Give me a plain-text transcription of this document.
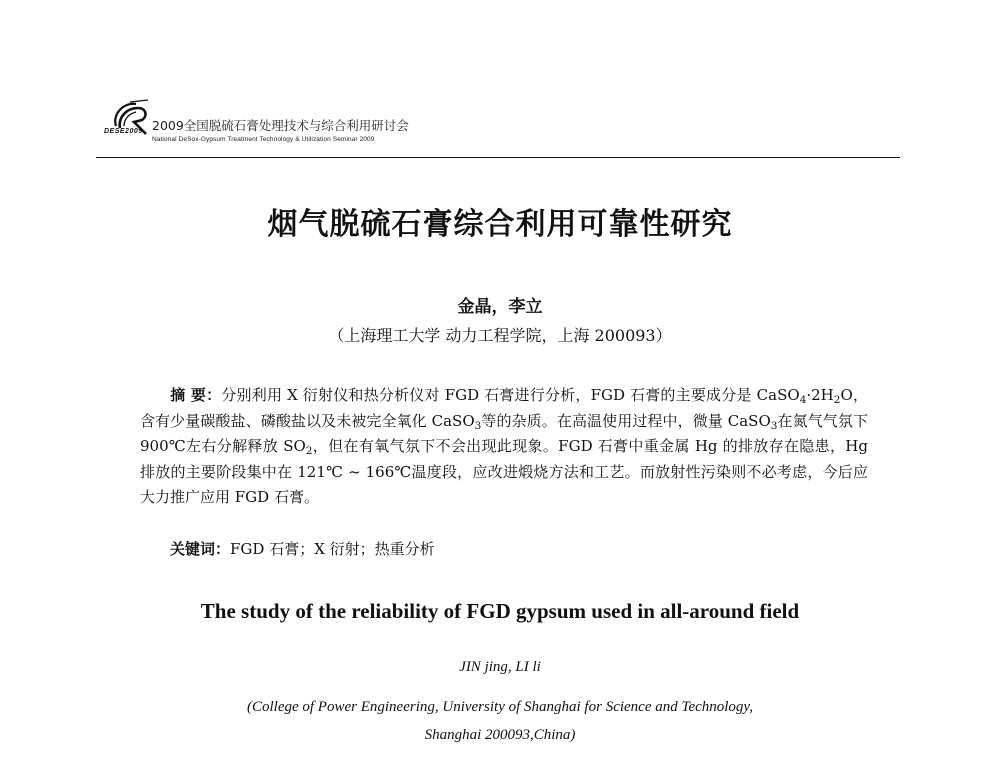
DESE2009 2009全国脱硫石膏处理技术与综合利用研讨会
National DeSox-Gypsum Treatment Technology & Utilization Seminar 2009
烟气脱硫石膏综合利用可靠性研究
金晶，李立
（上海理工大学 动力工程学院，上海 200093）
摘 要：分别利用 X 衍射仪和热分析仪对 FGD 石膏进行分析，FGD 石膏的主要成分是 $CaSO_4\cdot 2H_2O$，含有少量碳酸盐、磷酸盐以及未被完全氧化 CaSO$_3$等的杂质。在高温使用过程中，微量 CaSO$_3$在氮气气氛下 900℃左右分解释放 $SO_2$，但在有氧气氛下不会出现此现象。FGD 石膏中重金属 Hg 的排放存在隐患，Hg 排放的主要阶段集中在 121℃ ~ 166℃温度段，应改进煅烧方法和工艺。而放射性污染则不必考虑，今后应大力推广应用 FGD 石膏。
关键词：FGD 石膏；X 衍射；热重分析
The study of the reliability of FGD gypsum used in all-around field
JIN jing, LI li
(College of Power Engineering, University of Shanghai for Science and Technology,
Shanghai 200093,China)
